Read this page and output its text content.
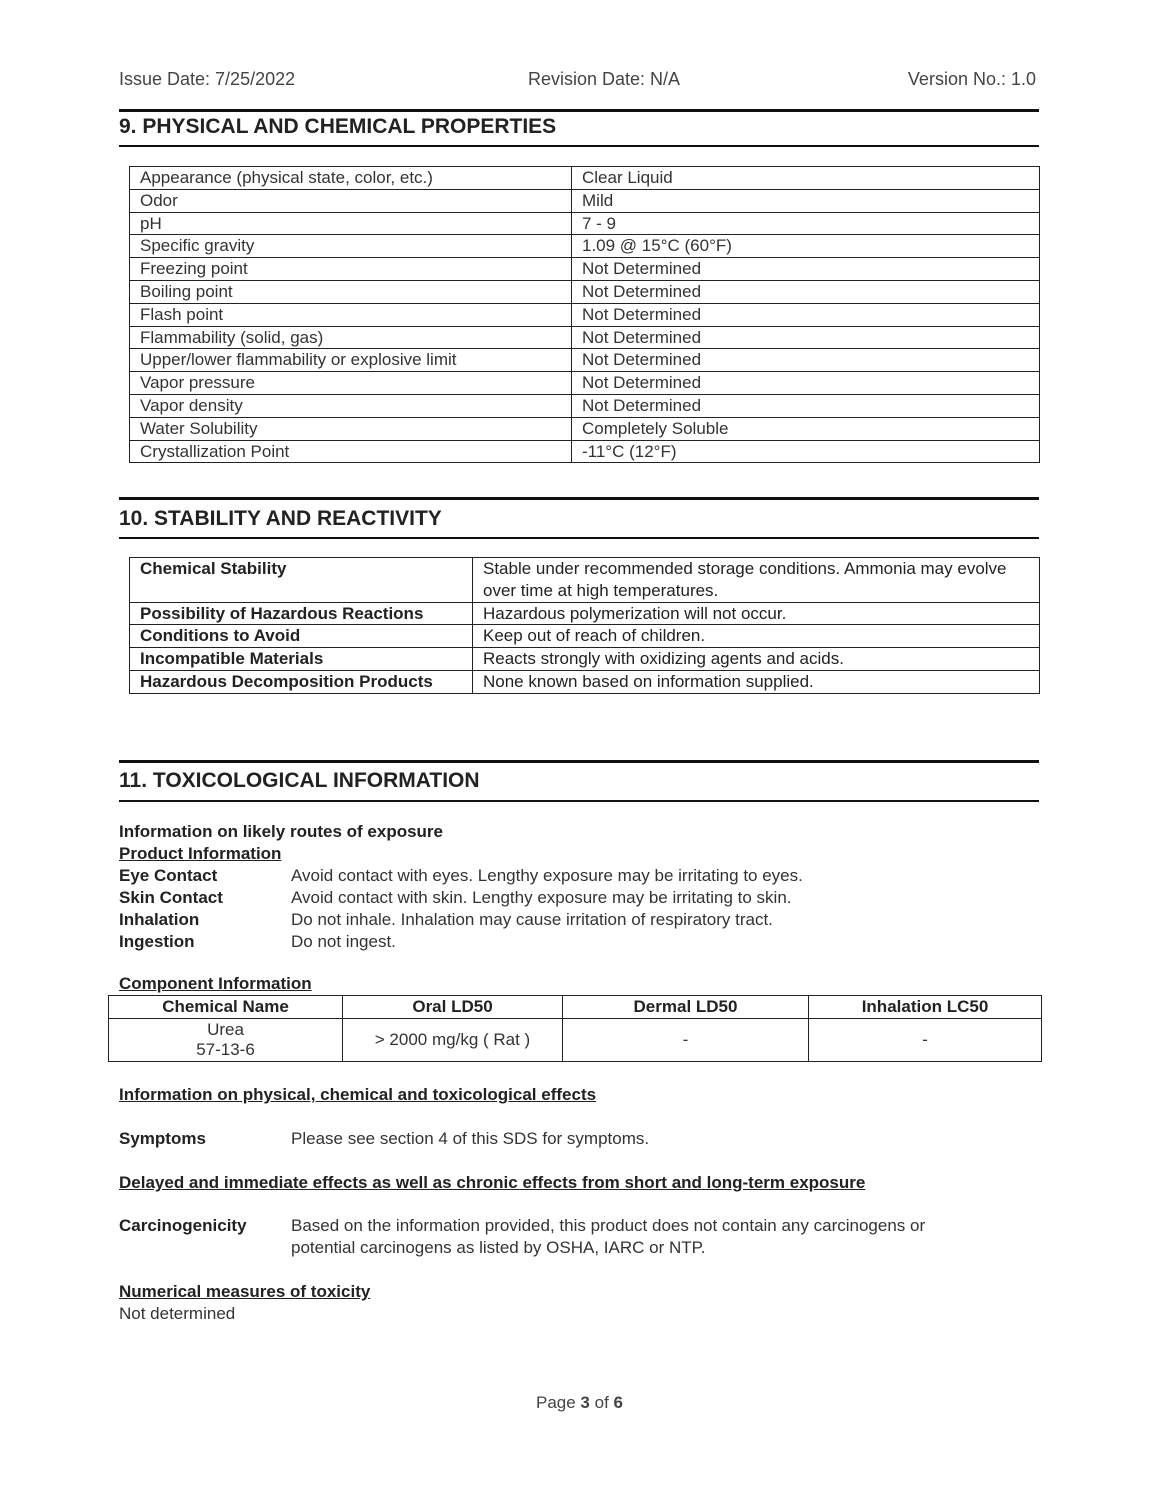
Issue Date: 7/25/2022	Revision Date: N/A	Version No.: 1.0
9. PHYSICAL AND CHEMICAL PROPERTIES
Appearance (physical state, color, etc.)	Clear Liquid
Odor	Mild
pH	7 - 9
Specific gravity	1.09 @ 15°C (60°F)
Freezing point	Not Determined
Boiling point	Not Determined
Flash point	Not Determined
Flammability (solid, gas)	Not Determined
Upper/lower flammability or explosive limit	Not Determined
Vapor pressure	Not Determined
Vapor density	Not Determined
Water Solubility	Completely Soluble
Crystallization Point	-11°C (12°F)
10. STABILITY AND REACTIVITY
Chemical Stability	Stable under recommended storage conditions. Ammonia may evolve over time at high temperatures.
Possibility of Hazardous Reactions	Hazardous polymerization will not occur.
Conditions to Avoid	Keep out of reach of children.
Incompatible Materials	Reacts strongly with oxidizing agents and acids.
Hazardous Decomposition Products	None known based on information supplied.
11. TOXICOLOGICAL INFORMATION
Information on likely routes of exposure
Product Information
Eye Contact	Avoid contact with eyes. Lengthy exposure may be irritating to eyes.
Skin Contact	Avoid contact with skin. Lengthy exposure may be irritating to skin.
Inhalation	Do not inhale. Inhalation may cause irritation of respiratory tract.
Ingestion	Do not ingest.
Component Information
Chemical Name	Oral LD50	Dermal LD50	Inhalation LC50

Urea
57-13-6	> 2000 mg/kg ( Rat )	-	-
Information on physical, chemical and toxicological effects
Symptoms	Please see section 4 of this SDS for symptoms.
Delayed and immediate effects as well as chronic effects from short and long-term exposure
Carcinogenicity	Based on the information provided, this product does not contain any carcinogens or
potential carcinogens as listed by OSHA, IARC or NTP.
Numerical measures of toxicity
Not determined
Page 3 of 6
